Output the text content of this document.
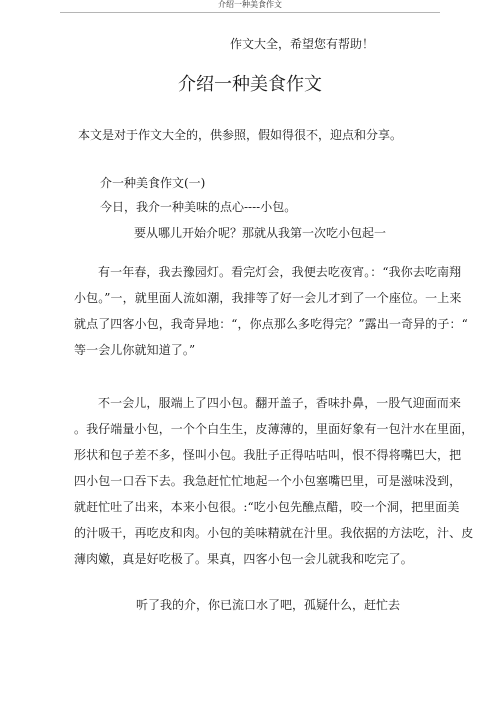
介绍一种美食作文
作文大全，希望您有帮助！
介绍一种美食作文
本文是对于作文大全的，供参照，假如得很不，迎点和分享。
介一种美食作文(一)
今日，我介一种美味的点心----小包。
要从哪儿开始介呢？那就从我第一次吃小包起一
有一年春，我去豫园灯。看完灯会，我便去吃夜宵。：“我你去吃南翔
小包。”一，就里面人流如潮，我排等了好一会儿才到了一个座位。一上来
就点了四客小包，我奇异地：“，你点那么多吃得完？”露出一奇异的子：“
等一会儿你就知道了。”
不一会儿，服端上了四小包。翻开盖子，香味扑鼻，一股气迎面而来
。我仔端量小包，一个个白生生，皮薄薄的，里面好象有一包汁水在里面，
形状和包子差不多，怪叫小包。我肚子正得咕咕叫，恨不得将嘴巴大，把
四小包一口吞下去。我急赶忙忙地起一个小包塞嘴巴里，可是滋味没到，
就赶忙吐了出来，本来小包很。:“吃小包先醮点醋，咬一个洞，把里面美
的汁吸干，再吃皮和肉。小包的美味精就在汁里。我依据的方法吃，汁、皮
薄肉嫩，真是好吃极了。果真，四客小包一会儿就我和吃完了。
听了我的介，你已流口水了吧，孤疑什么，赶忙去
